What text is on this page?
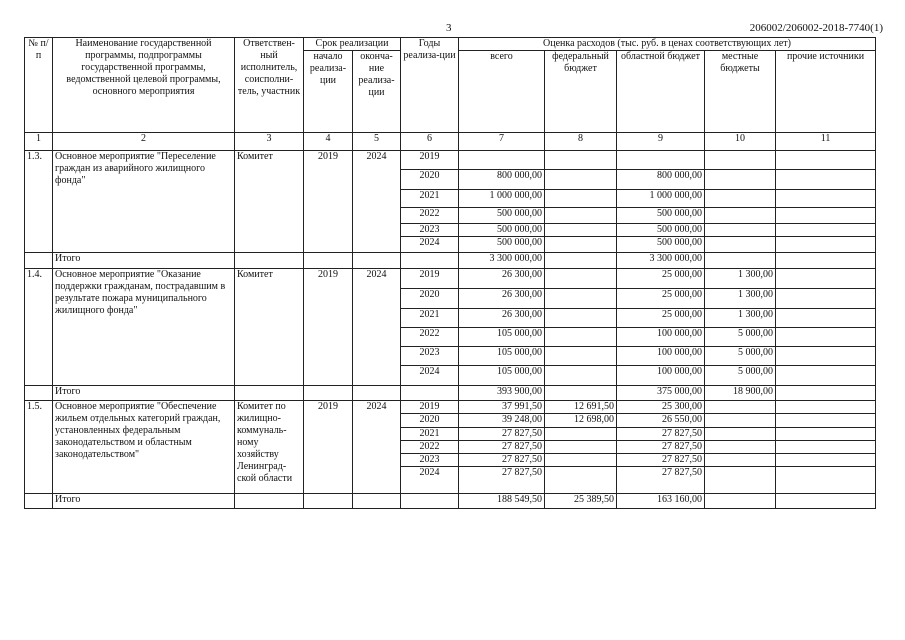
3	206002/206002-2018-7740(1)
№ п/п	Наименование государственной программы, подпрограммы государственной программы, ведомственной целевой программы, основного мероприятия	Ответствен-ный исполнитель, соисполни-тель, участник	Срок реализации		Годы реализа-ции	Оценка расходов (тыс. руб. в ценах соответствующих лет)				
			начало реализа-ции	оконча-ние реализа-ции		всего	федеральный бюджет	областной бюджет	местные бюджеты	прочие источники
1	2	3	4	5	6	7	8	9	10	11
1.3.	Основное мероприятие "Переселение граждан из аварийного жилищного фонда"	Комитет	2019	2024	2019					
					2020	800 000,00		800 000,00		
					2021	1 000 000,00		1 000 000,00		
					2022	500 000,00		500 000,00		
					2023	500 000,00		500 000,00		
					2024	500 000,00		500 000,00		
	Итого					3 300 000,00		3 300 000,00		
1.4.	Основное мероприятие "Оказание поддержки гражданам, пострадавшим в результате пожара муниципального жилищного фонда"	Комитет	2019	2024	2019	26 300,00		25 000,00	1 300,00	
					2020	26 300,00		25 000,00	1 300,00	
					2021	26 300,00		25 000,00	1 300,00	
					2022	105 000,00		100 000,00	5 000,00	
					2023	105 000,00		100 000,00	5 000,00	
					2024	105 000,00		100 000,00	5 000,00	
	Итого					393 900,00		375 000,00	18 900,00	
1.5.	Основное мероприятие "Обеспечение жильем отдельных категорий граждан, установленных федеральным законодательством и областным законодательством"	Комитет по жилищно-коммуналь-ному хозяйству Ленинград-ской области	2019	2024	2019	37 991,50	12 691,50	25 300,00		
					2020	39 248,00	12 698,00	26 550,00		
					2021	27 827,50		27 827,50		
					2022	27 827,50		27 827,50		
					2023	27 827,50		27 827,50		
					2024	27 827,50		27 827,50		
	Итого					188 549,50	25 389,50	163 160,00		
